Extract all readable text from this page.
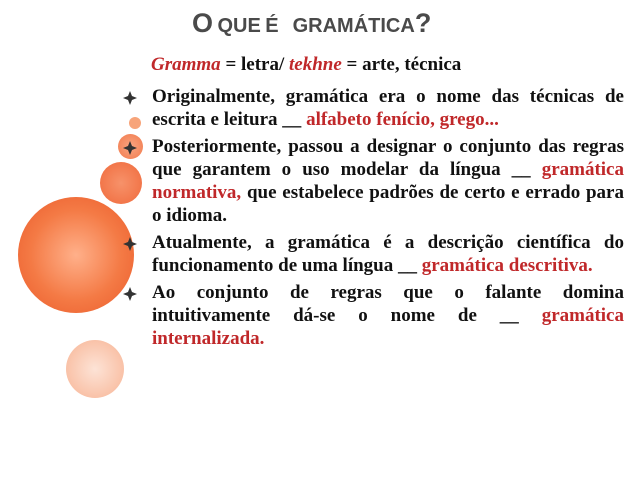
O QUE É GRAMÁTICA?
Gramma = letra/ tekhne = arte, técnica
Originalmente, gramática era o nome das técnicas de escrita e leitura __ alfabeto fenício, grego...
Posteriormente, passou a designar o conjunto das regras que garantem o uso modelar da língua __ gramática normativa, que estabelece padrões de certo e errado para o idioma.
Atualmente, a gramática é a descrição científica do funcionamento de uma língua __ gramática descritiva.
Ao conjunto de regras que o falante domina intuitivamente dá-se o nome de __ gramática internalizada.
